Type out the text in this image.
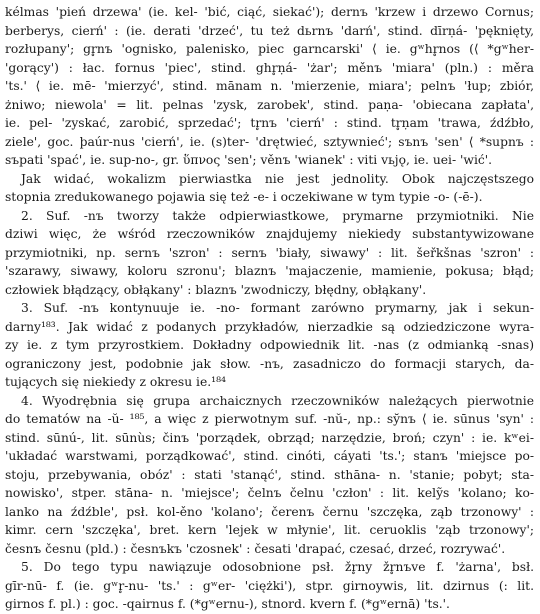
kélmas 'pień drzewa' (ie. kel- 'bić, ciąć, siekać'); dernъ 'krzew i drzewo Cornus;
berberys, cierń' : (ie. derati 'drzeć', tu też dьrnъ 'darń', stind. dīrṇá- 'pęknięty,
rozłupany'; gr̥nъ 'ognisko, palenisko, piec garncarski' ⟨ ie. gʷhr̥nos (⟨ *gʷher-
'gorący') : łac. fornus 'piec', stind. ghr̥ṇá- 'żar'; měnъ 'miara' (pln.) : měra
'ts.' ⟨ ie. mē- 'mierzyć', stind. mānam n. 'mierzenie, miara'; pelnъ 'łup; zbiór,
żniwo; niewola' = lit. pelnas 'zysk, zarobek', stind. paṇa- 'obiecana zapłata',
ie. pel- 'zyskać, zarobić, sprzedać'; tr̥nъ 'cierń' : stind. tr̥ṇam 'trawa, źdźbło,
ziele', goc. þaúr-nus 'cierń', ie. (s)ter- 'drętwieć, sztywnieć'; sъnъ 'sen' ⟨ *supnъ :
sъpati 'spać', ie. sup-no-, gr. ὕπνος 'sen'; věnъ 'wianek' : viti vьjǫ, ie. uei- 'wić'.
Jak widać, wokalizm pierwiastka nie jest jednolity. Obok najczęstszego
stopnia zredukowanego pojawia się też -e- i oczekiwane w tym typie -o- (-ē-).
2. Suf. -nъ tworzy także odpierwiastkowe, prymarne przymiotniki. Nie
dziwi więc, że wśród rzeczowników znajdujemy niekiedy substantywizowane
przymiotniki, np. sernъ 'szron' : sernъ 'biały, siwawy' : lit. šeřkšnas 'szron' :
'szarawy, siwawy, koloru szronu'; blaznъ 'majaczenie, mamienie, pokusa; błąd;
człowiek błądzący, obłąkany' : blaznъ 'zwodniczy, błędny, obłąkany'.
3. Suf. -nъ kontynuuje ie. -no- formant zarówno prymarny, jak i sekun-
darny¹⁸³. Jak widać z podanych przykładów, nierzadkie są odziedziczone wyra-
zy ie. z tym przyrostkiem. Dokładny odpowiednik lit. -nas (z odmianką -snas)
ograniczony jest, podobnie jak słow. -nъ, zasadniczo do formacji starych, da-
tujących się niekiedy z okresu ie.¹⁸⁴
4. Wyodrębnia się grupa archaicznych rzeczowników należących pierwotnie
do tematów na -ŭ- ¹⁸⁵, a więc z pierwotnym suf. -nŭ-, np.: sy̆nъ ⟨ ie. sūnus 'syn' :
stind. sūnú-, lit. sūnùs; činъ 'porządek, obrząd; narzędzie, broń; czyn' : ie. kʷei-
'układać warstwami, porządkować', stind. cinóti, cáyati 'ts.'; stanъ 'miejsce po-
stoju, przebywania, obóz' : stati 'stanąć', stind. sthāna- n. 'stanie; pobyt; sta-
nowisko', stper. stāna- n. 'miejsce'; čelnъ čelnu 'człon' : lit. kelỹs 'kolano; ko-
lanko na źdźble', psł. kol-ěno 'kolano'; čerenъ černu 'szczęka, ząb trzonowy' :
kimr. cern 'szczęka', bret. kern 'lejek w młynie', lit. ceruoklis 'ząb trzonowy';
česnъ česnu (pld.) : česnъkъ 'czosnek' : česati 'drapać, czesać, drzeć, rozrywać'.
5. Do tego typu nawiązuje odosobnione psł. žr̥ny žr̥nъve f. 'żarna', bsł.
gīr-nū- f. (ie. gʷr̥-nu- 'ts.' : gʷer- 'ciężki'), stpr. girnoywis, lit. dzirnus (: lit.
girnos f. pl.) : goc. -qairnus f. (*gʷernu-), stnord. kvern f. (*gʷernā) 'ts.'.
